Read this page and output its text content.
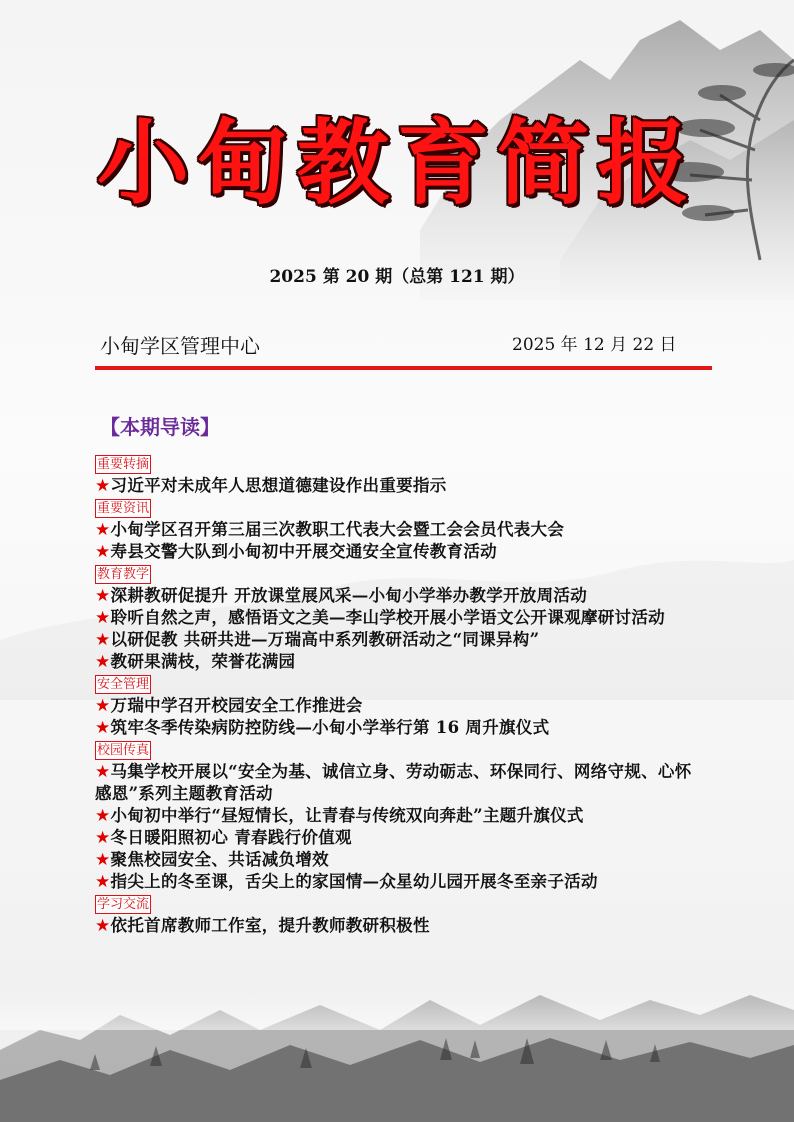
小甸教育简报
2025 第 20 期（总第 121 期）
小甸学区管理中心	2025 年 12 月 22 日
【本期导读】
重要转摘
★习近平对未成年人思想道德建设作出重要指示
重要资讯
★小甸学区召开第三届三次教职工代表大会暨工会会员代表大会
★寿县交警大队到小甸初中开展交通安全宣传教育活动
教育教学
★深耕教研促提升 开放课堂展风采—小甸小学举办教学开放周活动
★聆听自然之声，感悟语文之美—李山学校开展小学语文公开课观摩研讨活动
★以研促教 共研共进—万瑞高中系列教研活动之“同课异构”
★教研果满枝，荣誉花满园
安全管理
★万瑞中学召开校园安全工作推进会
★筑牢冬季传染病防控防线—小甸小学举行第 16 周升旗仪式
校园传真
★马集学校开展以“安全为基、诚信立身、劳动砺志、环保同行、网络守规、心怀感恩”系列主题教育活动
★小甸初中举行“昼短情长，让青春与传统双向奔赴”主题升旗仪式
★冬日暖阳照初心 青春践行价值观
★聚焦校园安全、共话减负增效
★指尖上的冬至课，舌尖上的家国情—众星幼儿园开展冬至亲子活动
学习交流
★依托首席教师工作室，提升教师教研积极性
